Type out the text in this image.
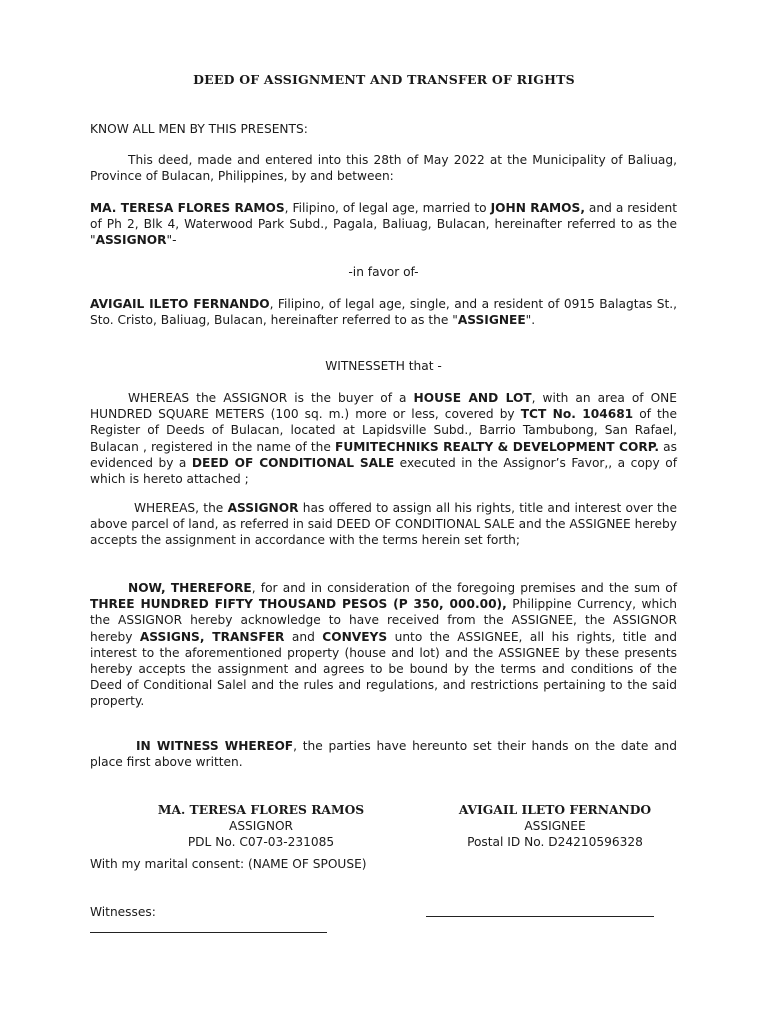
DEED OF ASSIGNMENT AND TRANSFER OF RIGHTS

KNOW ALL MEN BY THIS PRESENTS:

This deed, made and entered into this 28th of May 2022 at the Municipality of Baliuag, Province of Bulacan, Philippines, by and between:

MA. TERESA FLORES RAMOS, Filipino, of legal age, married to JOHN RAMOS, and a resident of Ph 2, Blk 4, Waterwood Park Subd., Pagala, Baliuag, Bulacan, hereinafter referred to as the "ASSIGNOR"-

-in favor of-

AVIGAIL ILETO FERNANDO, Filipino, of legal age, single, and a resident of 0915 Balagtas St., Sto. Cristo, Baliuag, Bulacan, hereinafter referred to as the "ASSIGNEE".

WITNESSETH that -

WHEREAS the ASSIGNOR is the buyer of a HOUSE AND LOT, with an area of ONE HUNDRED SQUARE METERS (100 sq. m.) more or less, covered by TCT No. 104681 of the Register of Deeds of Bulacan, located at Lapidsville Subd., Barrio Tambubong, San Rafael, Bulacan , registered in the name of the FUMITECHNIKS REALTY & DEVELOPMENT CORP. as evidenced by a DEED OF CONDITIONAL SALE executed in the Assignor’s Favor,, a copy of which is hereto attached ;

WHEREAS, the ASSIGNOR has offered to assign all his rights, title and interest over the above parcel of land, as referred in said DEED OF CONDITIONAL SALE and the ASSIGNEE hereby accepts the assignment in accordance with the terms herein set forth;

NOW, THEREFORE, for and in consideration of the foregoing premises and the sum of THREE HUNDRED FIFTY THOUSAND PESOS (P 350, 000.00), Philippine Currency, which the ASSIGNOR hereby acknowledge to have received from the ASSIGNEE, the ASSIGNOR hereby ASSIGNS, TRANSFER and CONVEYS unto the ASSIGNEE, all his rights, title and interest to the aforementioned property (house and lot) and the ASSIGNEE by these presents hereby accepts the assignment and agrees to be bound by the terms and conditions of the Deed of Conditional Salel and the rules and regulations, and restrictions pertaining to the said property.

IN WITNESS WHEREOF, the parties have hereunto set their hands on the date and place first above written.

MA. TERESA FLORES RAMOS
ASSIGNOR
PDL No. C07-03-231085
AVIGAIL ILETO FERNANDO
ASSIGNEE
Postal ID No. D24210596328
With my marital consent: (NAME OF SPOUSE)
Witnesses:
